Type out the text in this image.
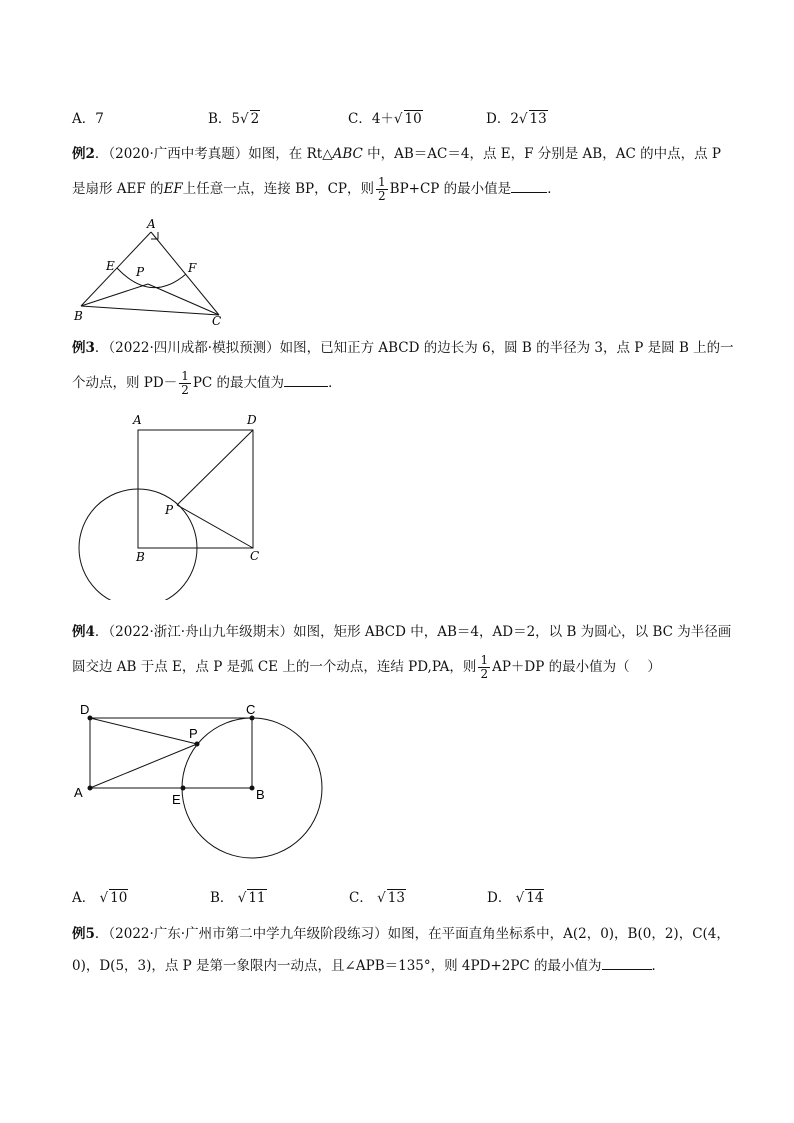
A．7	B．5√ 2	C．4＋√ 10	D．2√ 13
例2．（2020·广西中考真题）如图，在 Rt△ABC 中，AB＝AC＝4，点 E，F 分别是 AB，AC 的中点，点 P
是扇形 AEF 的EF上任意一点，连接 BP，CP，则 $\frac{1}{2} BP+CP$ 的最小值是	．
A
E P	F
B	C
例3．（2022·四川成都·模拟预测）如图，已知正方 ABCD 的边长为 6，圆 B 的半径为 3，点 P 是圆 B 上的一
个动点，则 $PD- \frac{1}{2}$ PC 的最大值为	．
A	D
P
B	C
例4．（2022·浙江·舟山九年级期末）如图，矩形 ABCD 中，AB＝4，AD＝2，以 B 为圆心，以 BC 为半径画
圆交边 AB 于点 E，点 P 是弧 CE 上的一个动点，连结 PD,PA，则 $\frac{1}{2} AP+DP$ 的最小值为（　 ）
D	C
P
A	E	B
A． √ 10	B． √ 11	C． √ 13	D． √ 14
例5．（2022·广东·广州市第二中学九年级阶段练习）如图，在平面直角坐标系中，A(2，0)，B(0，2)，C(4，
0)，D(5，3)，点 P 是第一象限内一动点，且∠APB＝135°，则 4PD+2PC 的最小值为	．
